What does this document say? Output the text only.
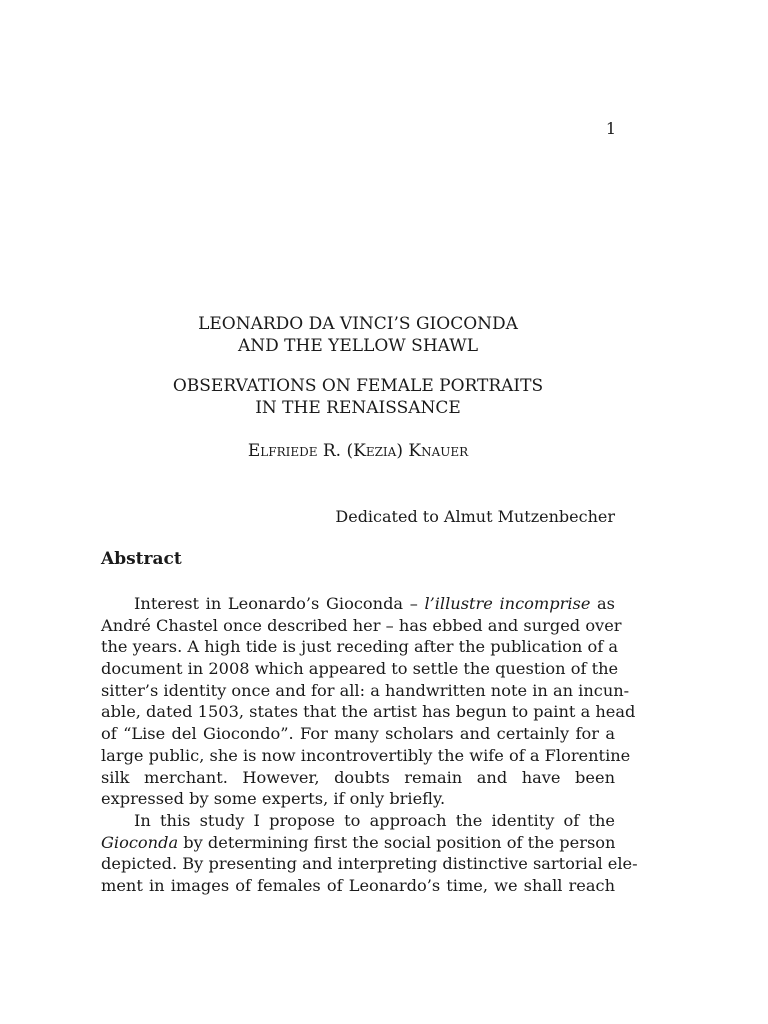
1
LEONARDO DA VINCI’S GIOCONDA
AND THE YELLOW SHAWL
OBSERVATIONS ON FEMALE PORTRAITS
IN THE RENAISSANCE
Elfriede R. (Kezia) Knauer
Dedicated to Almut Mutzenbecher
Abstract
Interest in Leonardo’s Gioconda – l’illustre incomprise as
André Chastel once described her – has ebbed and surged over
the years. A high tide is just receding after the publication of a
document in 2008 which appeared to settle the question of the
sitter’s identity once and for all: a handwritten note in an incun-
able, dated 1503, states that the artist has begun to paint a head
of “Lise del Giocondo”. For many scholars and certainly for a
large public, she is now incontrovertibly the wife of a Florentine
silk merchant. However, doubts remain and have been
expressed by some experts, if only briefly.
In this study I propose to approach the identity of the
Gioconda by determining first the social position of the person
depicted. By presenting and interpreting distinctive sartorial ele-
ment in images of females of Leonardo’s time, we shall reach
